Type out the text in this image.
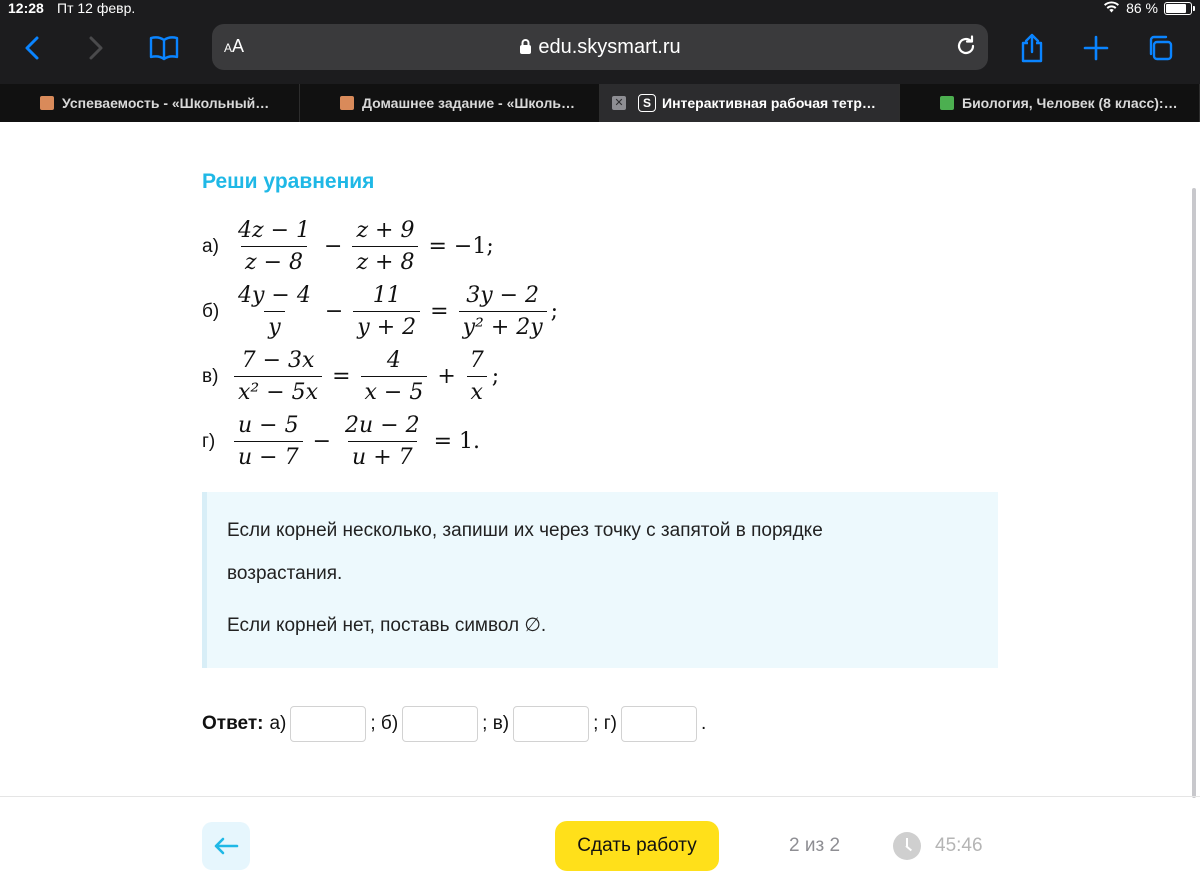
12:28 Пт 12 февр.	86 %
AA	edu.skysmart.ru
Успеваемость - «Школьный…	Домашнее задание - «Школь…	✕	S Интерактивная рабочая тетр…	Биология, Человек (8 класс):…
Реши уравнения
$а) \frac{4z - 1}{z - 8} - \frac{z + 9}{z + 8} = -1$;
$б) \frac{4y - 4}{y} - \frac{11}{y + 2} = \frac{3y - 2}{\text{y² + 2y}}$ ;
$в) \frac{7 - 3x}{\text{x² − 5x}} = \frac{4}{x - 5} + \frac{7}{x}$ ;
$г) \frac{u - 5}{u - 7} - \frac{2u - 2}{u + 7} = 1$.

Если корней несколько, запиши их через точку с запятой в порядке

возрастания.

Если корней нет, поставь символ ∅.

Ответ: а)	; б)	; в)	; г)	.
Сдать работу	2 из 2	45:46
